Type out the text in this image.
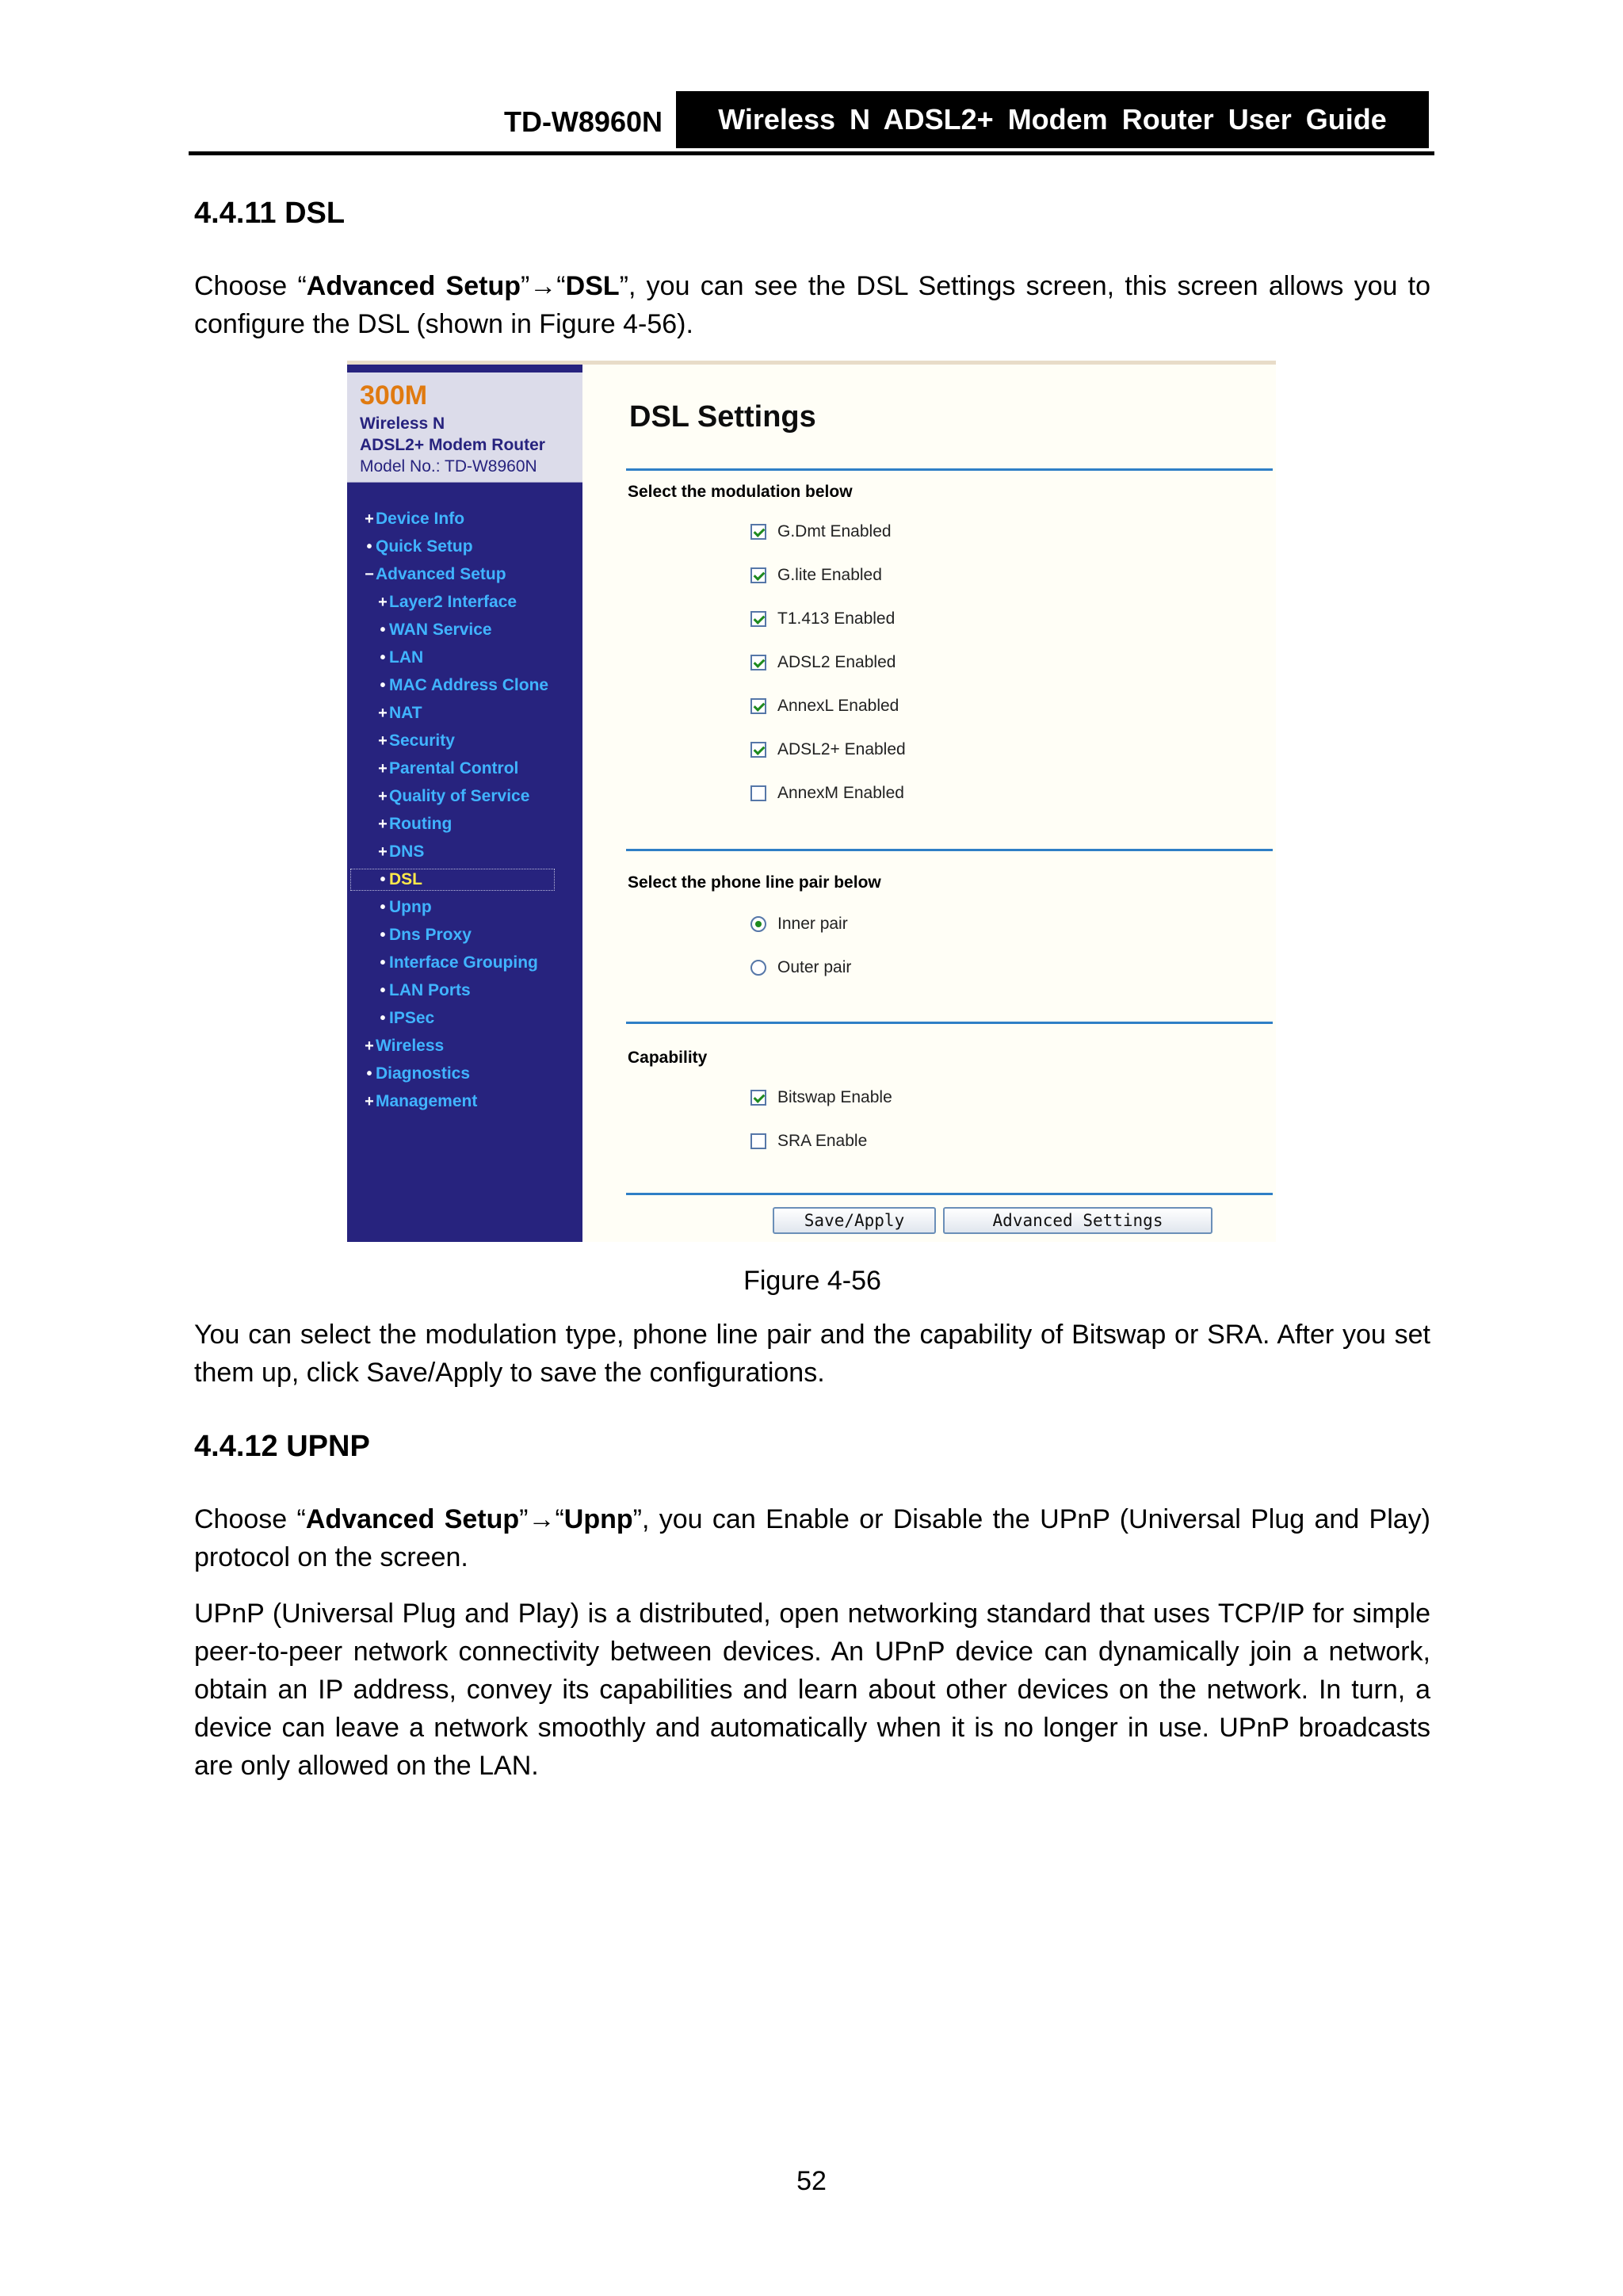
TD-W8960N	Wireless N ADSL2+ Modem Router User Guide
4.4.11 DSL
Choose “Advanced Setup”→“DSL”, you can see the DSL Settings screen, this screen allows you to configure the DSL (shown in Figure 4-56).
300M
Wireless N
ADSL2+ Modem Router
Model No.: TD-W8960N
+ Device Info
• Quick Setup
− Advanced Setup
+ Layer2 Interface
• WAN Service
• LAN
• MAC Address Clone
+ NAT
+ Security
+ Parental Control
+ Quality of Service
+ Routing
+ DNS
• DSL
• Upnp
• Dns Proxy
• Interface Grouping
• LAN Ports
• IPSec
+ Wireless
• Diagnostics
+ Management
DSL Settings
Select the modulation below
G.Dmt Enabled
G.lite Enabled
T1.413 Enabled
ADSL2 Enabled
AnnexL Enabled
ADSL2+ Enabled
AnnexM Enabled
Select the phone line pair below
Inner pair
Outer pair
Capability
Bitswap Enable
SRA Enable
Save/Apply	Advanced Settings
Figure 4-56
You can select the modulation type, phone line pair and the capability of Bitswap or SRA. After you set them up, click Save/Apply to save the configurations.
4.4.12 UPNP
Choose “Advanced Setup”→“Upnp”, you can Enable or Disable the UPnP (Universal Plug and Play) protocol on the screen.
UPnP (Universal Plug and Play) is a distributed, open networking standard that uses TCP/IP for simple peer-to-peer network connectivity between devices. An UPnP device can dynamically join a network, obtain an IP address, convey its capabilities and learn about other devices on the network. In turn, a device can leave a network smoothly and automatically when it is no longer in use. UPnP broadcasts are only allowed on the LAN.
52
